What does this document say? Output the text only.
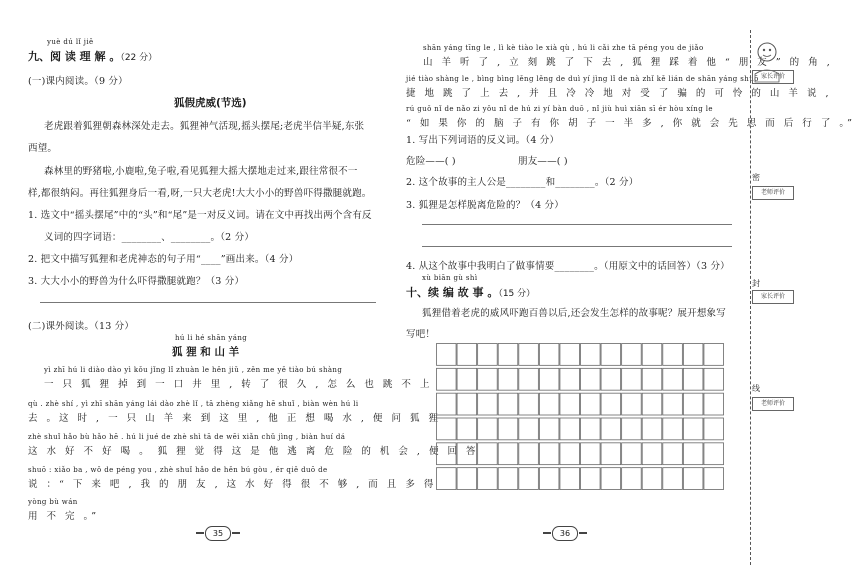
yuè dú lǐ jiě
九、阅 读 理 解 。（22 分）
(一)课内阅读。（9 分）
狐假虎威(节选)
老虎跟着狐狸朝森林深处走去。狐狸神气活现,摇头摆尾;老虎半信半疑,东张
西望。
森林里的野猪啦,小鹿啦,兔子啦,看见狐狸大摇大摆地走过来,跟往常很不一
样,都很纳闷。再往狐狸身后一看,呀,一只大老虎!大大小小的野兽吓得撒腿就跑。
1. 选文中“摇头摆尾”中的“头”和“尾”是一对反义词。请在文中再找出两个含有反
义词的四字词语：________、________。（2 分）
2. 把文中描写狐狸和老虎神态的句子用“____”画出来。（4 分）
3. 大大小小的野兽为什么吓得撒腿就跑？（3 分）
(二)课外阅读。（13 分）
hú li hé shān yáng
狐 狸 和 山 羊
yì zhī hú li diào dào yì kǒu jǐng lǐ zhuàn le hěn jiǔ , zěn me yě tiào bú shàng
一 只 狐 狸 掉 到 一 口 井 里 , 转 了 很 久 , 怎 么 也 跳 不 上
qù . zhè shí , yì zhī shān yáng lái dào zhè lǐ , tā zhèng xiǎng hē shuǐ , biàn wèn hú li
去 。这 时 , 一 只 山 羊 来 到 这 里 , 他 正 想 喝 水 , 便 问 狐 狸
zhè shuǐ hǎo bù hǎo hē . hú li jué de zhè shì tā de wēi xiǎn chǔ jìng , biàn huí dá
这 水 好 不 好 喝 。 狐 狸 觉 得 这 是 他 逃 离 危 险 的 机 会 , 便 回 答
shuō : xiǎo ba , wǒ de péng you , zhè shuǐ hǎo de hěn bú gòu , ér qiě duō de
说 ：“ 下 来 吧 , 我 的 朋 友 , 这 水 好 得 很 不 够 , 而 且 多 得
yòng bù wán
用 不 完 。”
35
shān yáng tīng le , lì kè tiào le xià qù , hú li cǎi zhe tā péng you de jiǎo
山 羊 听 了 , 立 刻 跳 了 下 去 , 狐 狸 踩 着 他 “ 朋 友 ” 的 角 ,
jié tiào shàng le , bìng bìng lěng lěng de duì yí jìng lǐ de nà zhǐ kě lián de shān yáng shuō
捷 地 跳 了 上 去 , 并 且 冷 冷 地 对 受 了 骗 的 可 怜 的 山 羊 说 ,
rú guǒ nǐ de nǎo zi yǒu nǐ de hú zi yí bàn duō , nǐ jiù huì xiān sī ér hòu xíng le
“ 如 果 你 的 脑 子 有 你 胡 子 一 半 多 , 你 就 会 先 思 而 后 行 了 。”
1. 写出下列词语的反义词。（4 分）
危险——( )	朋友——( )
2. 这个故事的主人公是________和________。（2 分）
3. 狐狸是怎样脱离危险的？（4 分）
4. 从这个故事中我明白了做事情要________。（用原文中的话回答）（3 分）
xù biān gù shì
十、续 编 故 事 。（15 分）
狐狸借着老虎的威风吓跑百兽以后,还会发生怎样的故事呢？展开想象写
写吧！
36
家长评价
密
老师评价
封
家长评价
线
老师评价
